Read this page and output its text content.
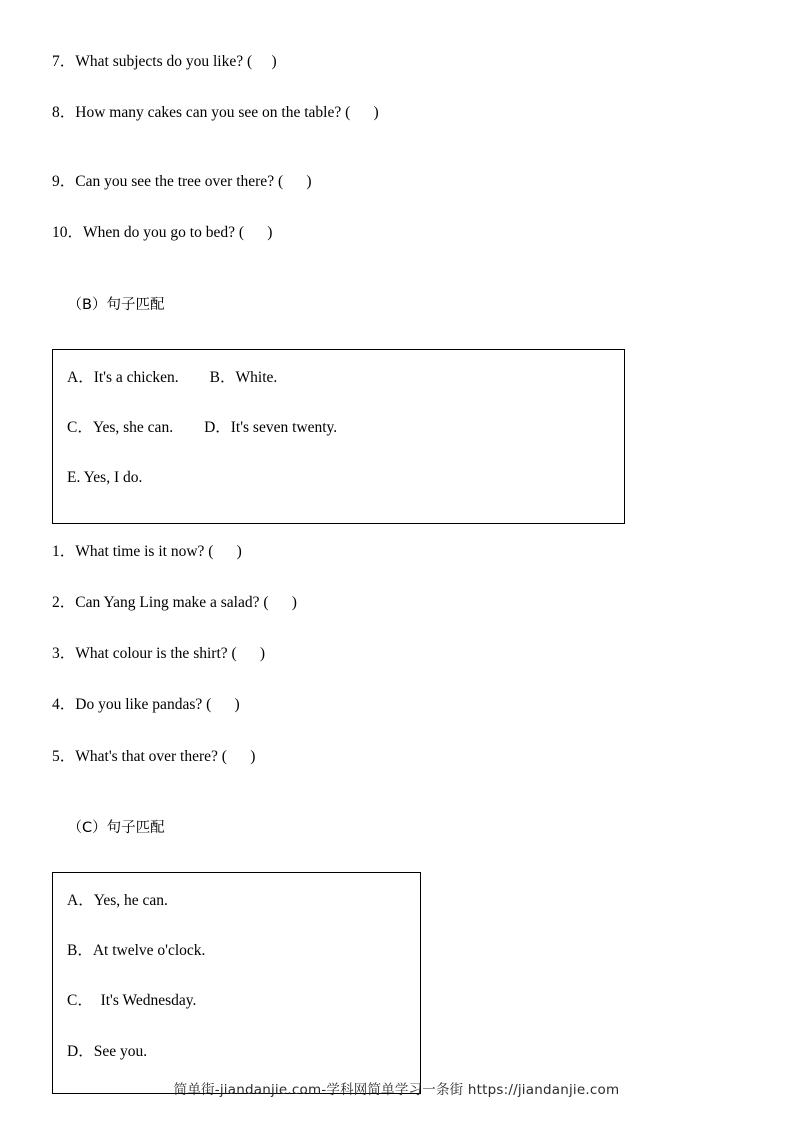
7．What subjects do you like? (     )
8．How many cakes can you see on the table? (      )
9．Can you see the tree over there? (      )
10．When do you go to bed? (      )

（B）句子匹配

A．It's a chicken.        B．White.
C．Yes, she can.        D．It's seven twenty.
E. Yes, I do.
1．What time is it now? (      )
2．Can Yang Ling make a salad? (      )
3．What colour is the shirt? (      )
4．Do you like pandas? (      )
5．What's that over there? (      )

（C）句子匹配

A．Yes, he can.
B．At twelve o'clock.
C．  It's Wednesday.
D．See you.
简单街-jiandanjie.com-学科网简单学习一条街 https://jiandanjie.com
